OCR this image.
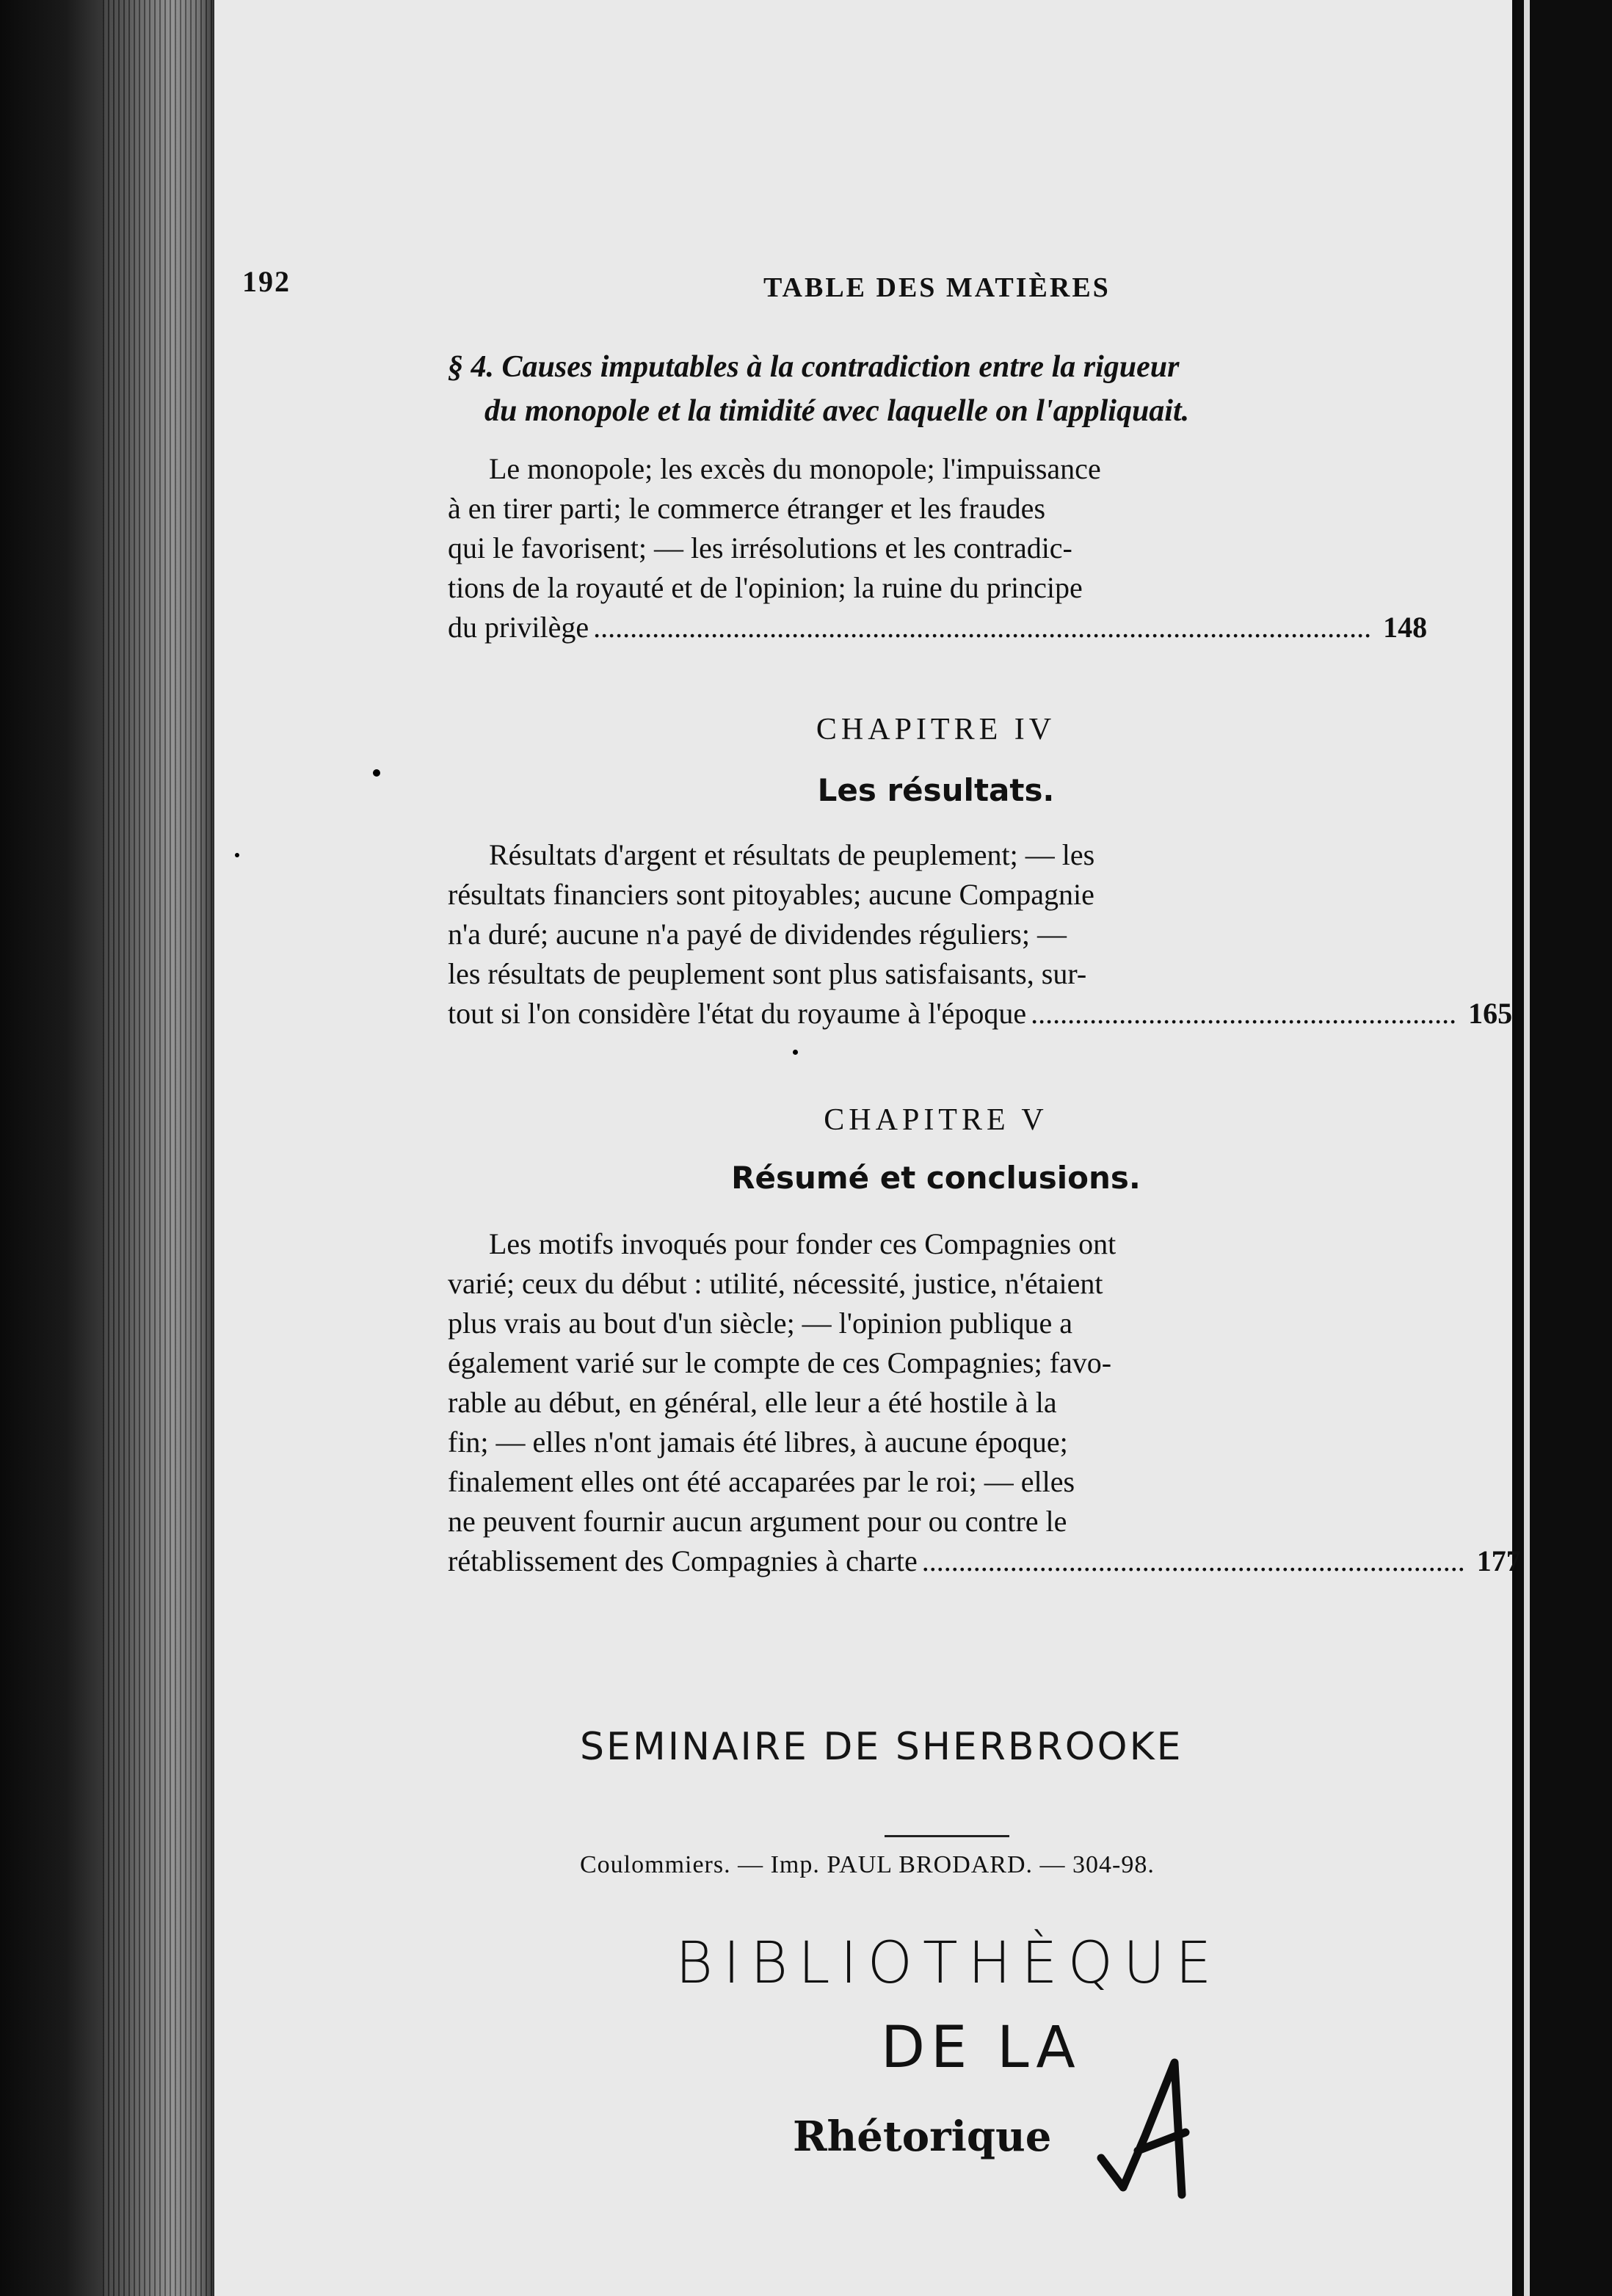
192	TABLE DES MATIÈRES
§ 4. Causes imputables à la contradiction entre la rigueur
du monopole et la timidité avec laquelle on l'appliquait.
Le monopole; les excès du monopole; l'impuissance
à en tirer parti; le commerce étranger et les fraudes
qui le favorisent; — les irrésolutions et les contradic-
tions de la royauté et de l'opinion; la ruine du principe
du privilège .......................................................................................................... 148
CHAPITRE IV
Les résultats.
Résultats d'argent et résultats de peuplement; — les
résultats financiers sont pitoyables; aucune Compagnie
n'a duré; aucune n'a payé de dividendes réguliers; —
les résultats de peuplement sont plus satisfaisants, sur-
tout si l'on considère l'état du royaume à l'époque .......................................................... 165
CHAPITRE V
Résumé et conclusions.
Les motifs invoqués pour fonder ces Compagnies ont
varié; ceux du début : utilité, nécessité, justice, n'étaient
plus vrais au bout d'un siècle; — l'opinion publique a
également varié sur le compte de ces Compagnies; favo-
rable au début, en général, elle leur a été hostile à la
fin; — elles n'ont jamais été libres, à aucune époque;
finalement elles ont été accaparées par le roi; — elles
ne peuvent fournir aucun argument pour ou contre le
rétablissement des Compagnies à charte .......................................................................... 177
SEMINAIRE DE SHERBROOKE
Coulommiers. — Imp. PAUL BRODARD. — 304-98.
BIBLIOTHÈQUE
DE LA
Rhétorique
